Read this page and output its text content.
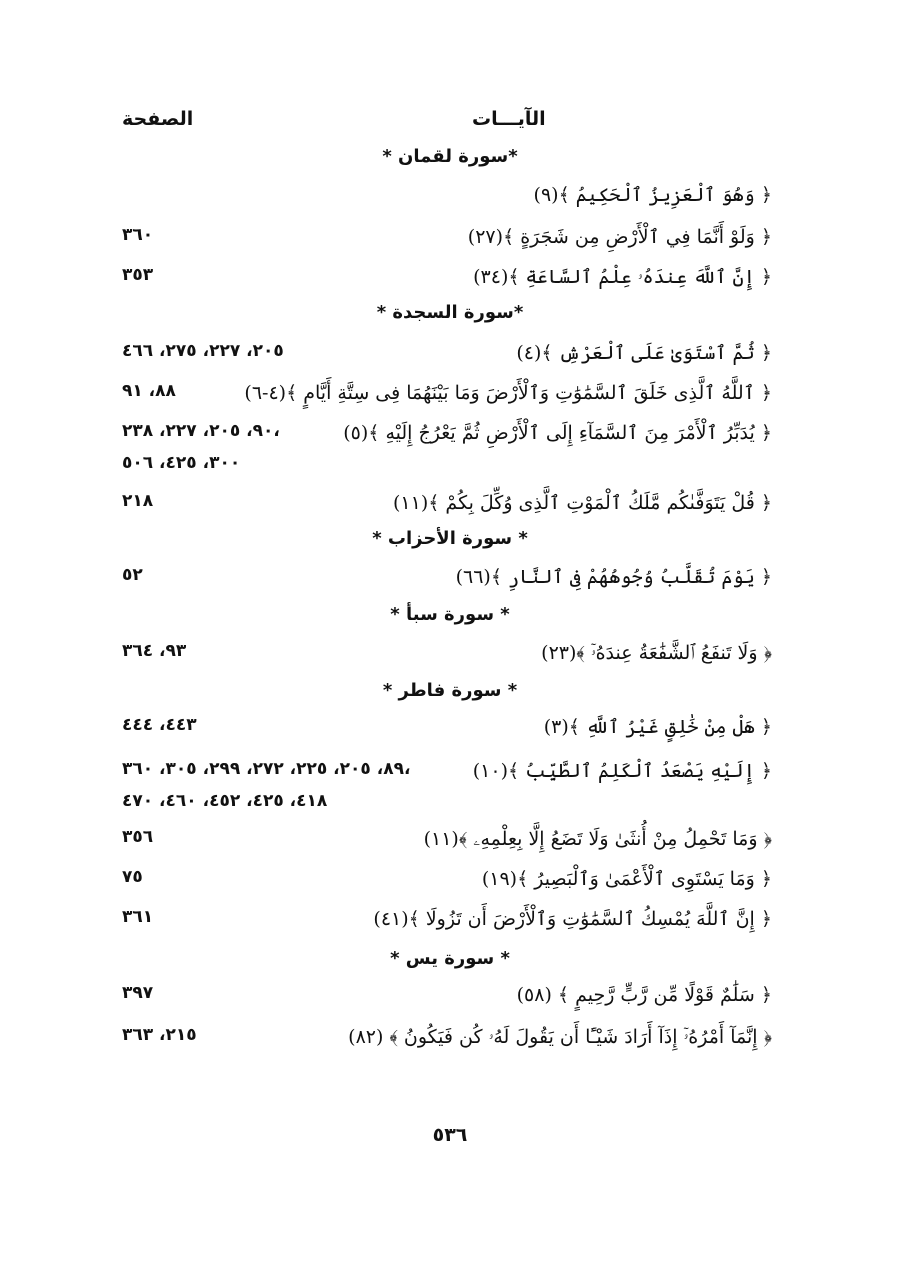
الآيـــات
الصفحة
* سورة لقمان*
﴿ وَهُوَ ٱلْعَزِيزُ ٱلْحَكِيمُ ﴾(٩)
﴿ وَلَوْ أَنَّمَا فِي ٱلْأَرْضِ مِن شَجَرَةٍ ﴾(٢٧)
٣٦٠
﴿ إِنَّ ٱللَّهَ عِندَهُۥ عِلْمُ ٱلسَّاعَةِ ﴾(٣٤)
٣٥٣
* سورة السجدة*
﴿ ثُمَّ ٱسْتَوَىٰ عَلَى ٱلْعَرْشِ ﴾(٤)
٢٠٥، ٢٢٧، ٢٧٥، ٤٦٦
﴿ ٱللَّهُ ٱلَّذِى خَلَقَ ٱلسَّمَٰوَٰتِ وَٱلْأَرْضَ وَمَا بَيْنَهُمَا فِى سِتَّةِ أَيَّامٍ ﴾(٤-٦)
٨٨، ٩١
﴿ يُدَبِّرُ ٱلْأَمْرَ مِنَ ٱلسَّمَآءِ إِلَى ٱلْأَرْضِ ثُمَّ يَعْرُجُ إِلَيْهِ ﴾(٥)
٩٠، ٢٠٥، ٢٢٧، ٢٣٨،
٣٠٠، ٤٢٥، ٥٠٦
﴿ قُلْ يَتَوَفَّىٰكُم مَّلَكُ ٱلْمَوْتِ ٱلَّذِى وُكِّلَ بِكُمْ ﴾(١١)
٢١٨
* سورة الأحزاب *
﴿ يَوْمَ تُقَلَّبُ وُجُوهُهُمْ فِى ٱلنَّارِ ﴾(٦٦)
٥٢
* سورة سبأ *
﴿ وَلَا تَنفَعُ ٱلشَّفَٰعَةُ عِندَهُۥٓ ﴾(٢٣)
٩٣، ٣٦٤
* سورة فاطر *
﴿ هَلْ مِنْ خَٰلِقٍ غَيْرُ ٱللَّهِ ﴾(٣)
٤٤٣، ٤٤٤
﴿ إِلَيْهِ يَصْعَدُ ٱلْكَلِمُ ٱلطَّيِّبُ ﴾(١٠)
٨٩، ٢٠٥، ٢٢٥، ٢٧٢، ٢٩٩، ٣٠٥، ٣٦٠،
٤١٨، ٤٢٥، ٤٥٢، ٤٦٠، ٤٧٠
﴿ وَمَا تَحْمِلُ مِنْ أُنثَىٰ وَلَا تَضَعُ إِلَّا بِعِلْمِهِۦ ﴾(١١)
٣٥٦
﴿ وَمَا يَسْتَوِى ٱلْأَعْمَىٰ وَٱلْبَصِيرُ ﴾(١٩)
٧٥
﴿ إِنَّ ٱللَّهَ يُمْسِكُ ٱلسَّمَٰوَٰتِ وَٱلْأَرْضَ أَن تَزُولَا ﴾(٤١)
٣٦١
* سورة يس *
﴿ سَلَٰمٌ قَوْلًا مِّن رَّبٍّ رَّحِيمٍ ﴾ (٥٨)
٣٩٧
﴿ إِنَّمَآ أَمْرُهُۥٓ إِذَآ أَرَادَ شَيْـًٔا أَن يَقُولَ لَهُۥ كُن فَيَكُونُ ﴾ (٨٢)
٢١٥، ٣٦٣
٥٣٦
